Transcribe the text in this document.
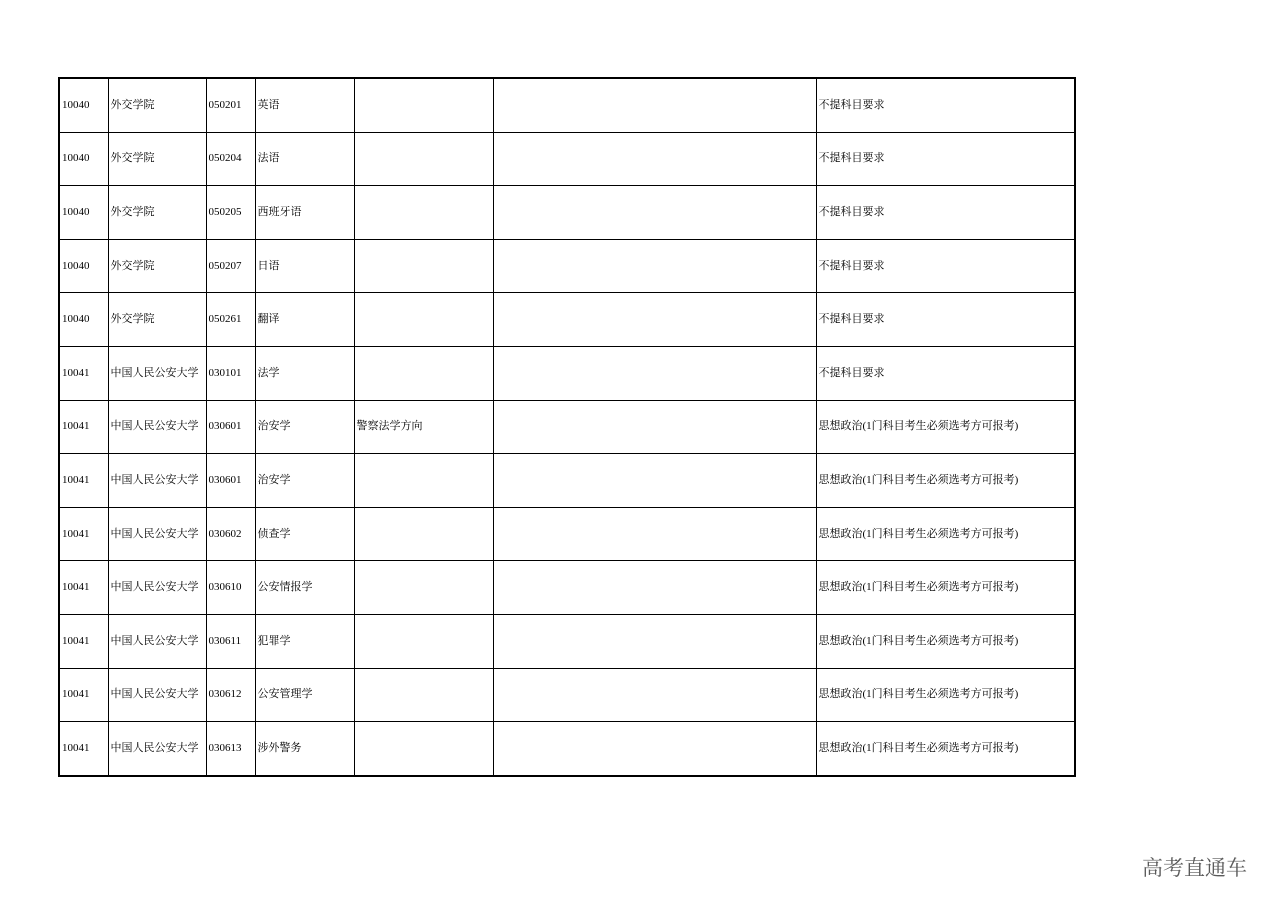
10040	外交学院	050201	英语			不提科目要求
10040	外交学院	050204	法语			不提科目要求
10040	外交学院	050205	西班牙语			不提科目要求
10040	外交学院	050207	日语			不提科目要求
10040	外交学院	050261	翻译			不提科目要求
10041	中国人民公安大学	030101	法学			不提科目要求
10041	中国人民公安大学	030601	治安学	警察法学方向		思想政治(1门科目考生必须选考方可报考)
10041	中国人民公安大学	030601	治安学			思想政治(1门科目考生必须选考方可报考)
10041	中国人民公安大学	030602	侦查学			思想政治(1门科目考生必须选考方可报考)
10041	中国人民公安大学	030610	公安情报学			思想政治(1门科目考生必须选考方可报考)
10041	中国人民公安大学	030611	犯罪学			思想政治(1门科目考生必须选考方可报考)
10041	中国人民公安大学	030612	公安管理学			思想政治(1门科目考生必须选考方可报考)
10041	中国人民公安大学	030613	涉外警务			思想政治(1门科目考生必须选考方可报考)
高考直通车
